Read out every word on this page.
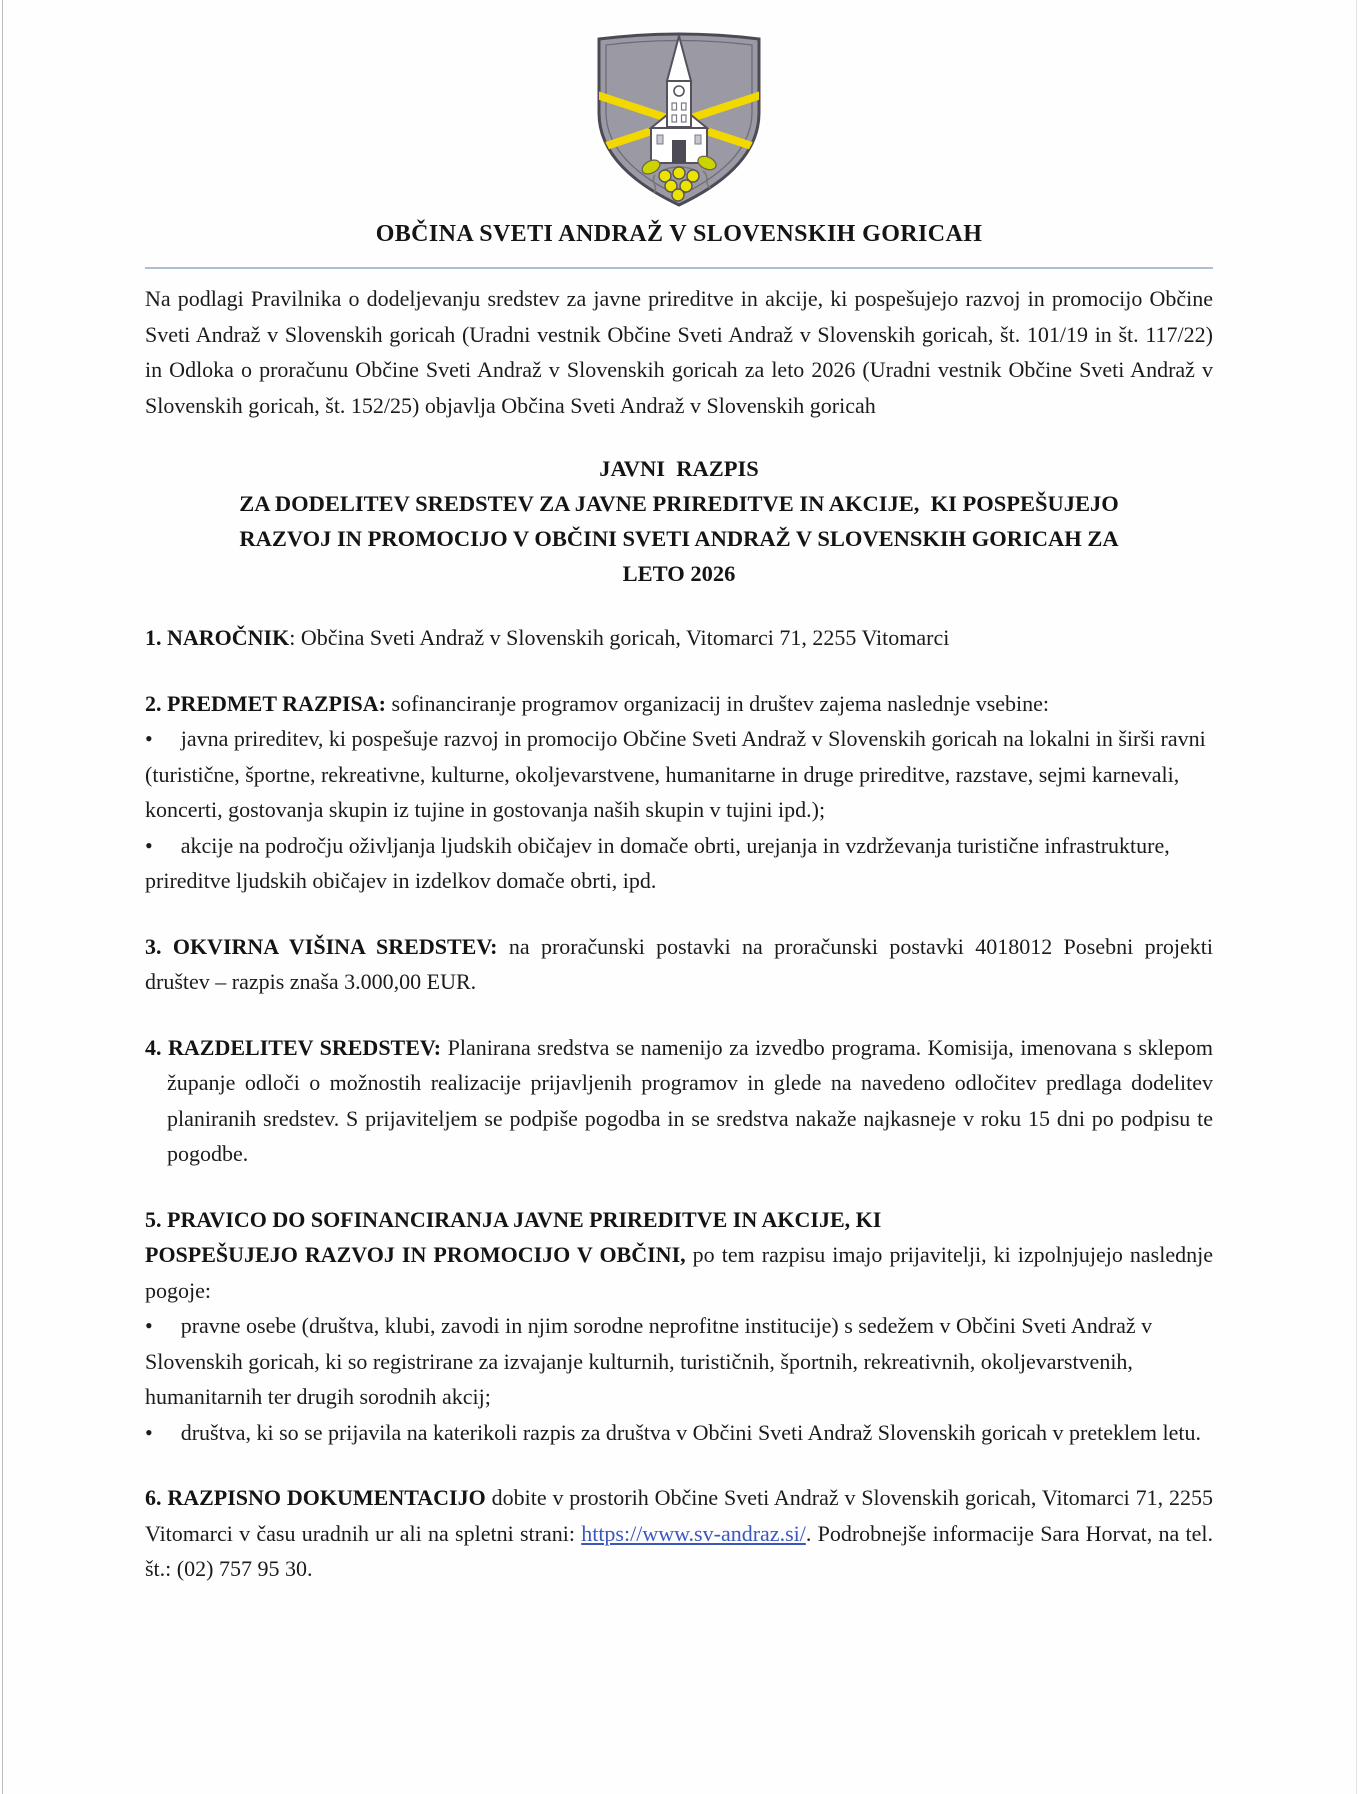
OBČINA SVETI ANDRAŽ V SLOVENSKIH GORICAH

Na podlagi Pravilnika o dodeljevanju sredstev za javne prireditve in akcije, ki pospešujejo razvoj in promocijo Občine Sveti Andraž v Slovenskih goricah (Uradni vestnik Občine Sveti Andraž v Slovenskih goricah, št. 101/19 in št. 117/22) in Odloka o proračunu Občine Sveti Andraž v Slovenskih goricah za leto 2026 (Uradni vestnik Občine Sveti Andraž v Slovenskih goricah, št. 152/25) objavlja Občina Sveti Andraž v Slovenskih goricah

JAVNI  RAZPIS
ZA DODELITEV SREDSTEV ZA JAVNE PRIREDITVE IN AKCIJE,  KI POSPEŠUJEJO
RAZVOJ IN PROMOCIJO V OBČINI SVETI ANDRAŽ V SLOVENSKIH GORICAH ZA
LETO 2026

1. NAROČNIK: Občina Sveti Andraž v Slovenskih goricah, Vitomarci 71, 2255 Vitomarci

2. PREDMET RAZPISA: sofinanciranje programov organizacij in društev zajema naslednje vsebine:

• javna prireditev, ki pospešuje razvoj in promocijo Občine Sveti Andraž v Slovenskih goricah na lokalni in širši ravni (turistične, športne, rekreativne, kulturne, okoljevarstvene, humanitarne in druge prireditve, razstave, sejmi karnevali, koncerti, gostovanja skupin iz tujine in gostovanja naših skupin v tujini ipd.);

• akcije na področju oživljanja ljudskih običajev in domače obrti, urejanja in vzdrževanja turistične infrastrukture, prireditve ljudskih običajev in izdelkov domače obrti, ipd.

3. OKVIRNA VIŠINA SREDSTEV: na proračunski postavki na proračunski postavki 4018012 Posebni projekti društev – razpis znaša 3.000,00 EUR.

4. RAZDELITEV SREDSTEV: Planirana sredstva se namenijo za izvedbo programa. Komisija, imenovana s sklepom županje odloči o možnostih realizacije prijavljenih programov in glede na navedeno odločitev predlaga dodelitev planiranih sredstev. S prijaviteljem se podpiše pogodba in se sredstva nakaže najkasneje v roku 15 dni po podpisu te pogodbe.

5. PRAVICO DO SOFINANCIRANJA JAVNE PRIREDITVE IN AKCIJE, KI
POSPEŠUJEJO RAZVOJ IN PROMOCIJO V OBČINI, po tem razpisu imajo prijavitelji, ki izpolnjujejo naslednje pogoje:

• pravne osebe (društva, klubi, zavodi in njim sorodne neprofitne institucije) s sedežem v Občini Sveti Andraž v Slovenskih goricah, ki so registrirane za izvajanje kulturnih, turističnih, športnih, rekreativnih, okoljevarstvenih, humanitarnih ter drugih sorodnih akcij;

• društva, ki so se prijavila na katerikoli razpis za društva v Občini Sveti Andraž Slovenskih goricah v preteklem letu.

6. RAZPISNO DOKUMENTACIJO dobite v prostorih Občine Sveti Andraž v Slovenskih goricah, Vitomarci 71, 2255 Vitomarci v času uradnih ur ali na spletni strani: https://www.sv-andraz.si/. Podrobnejše informacije Sara Horvat, na tel. št.: (02) 757 95 30.
